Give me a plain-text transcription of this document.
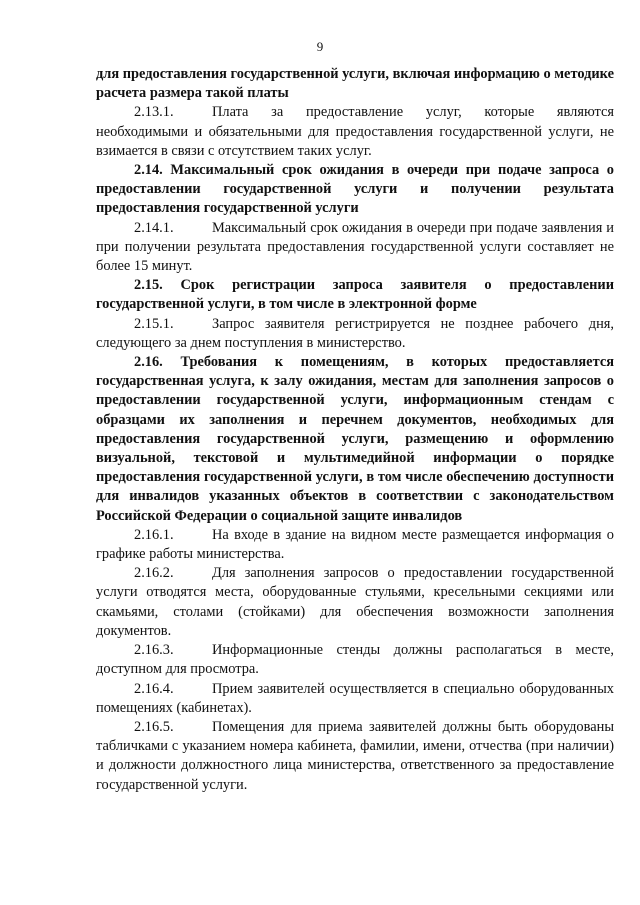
9

для предоставления государственной услуги, включая информацию о методике расчета размера такой платы

2.13.1.	Плата за предоставление услуг, которые являются необходимыми и обязательными для предоставления государственной услуги, не взимается в связи с отсутствием таких услуг.

2.14. Максимальный срок ожидания в очереди при подаче запроса о предоставлении государственной услуги и получении результата предоставления государственной услуги

2.14.1.	Максимальный срок ожидания в очереди при подаче заявления и при получении результата предоставления государственной услуги составляет не более 15 минут.

2.15. Срок регистрации запроса заявителя о предоставлении государственной услуги, в том числе в электронной форме

2.15.1.	Запрос заявителя регистрируется не позднее рабочего дня, следующего за днем поступления в министерство.

2.16. Требования к помещениям, в которых предоставляется государственная услуга, к залу ожидания, местам для заполнения запросов о предоставлении государственной услуги, информационным стендам с образцами их заполнения и перечнем документов, необходимых для предоставления государственной услуги, размещению и оформлению визуальной, текстовой и мультимедийной информации о порядке предоставления государственной услуги, в том числе обеспечению доступности для инвалидов указанных объектов в соответствии с законодательством Российской Федерации о социальной защите инвалидов

2.16.1.	На входе в здание на видном месте размещается информация о графике работы министерства.

2.16.2.	Для заполнения запросов о предоставлении государственной услуги отводятся места, оборудованные стульями, кресельными секциями или скамьями, столами (стойками) для обеспечения возможности заполнения документов.

2.16.3.	Информационные стенды должны располагаться в месте, доступном для просмотра.

2.16.4.	Прием заявителей осуществляется в специально оборудованных помещениях (кабинетах).

2.16.5.	Помещения для приема заявителей должны быть оборудованы табличками с указанием номера кабинета, фамилии, имени, отчества (при наличии) и должности должностного лица министерства, ответственного за предоставление государственной услуги.
